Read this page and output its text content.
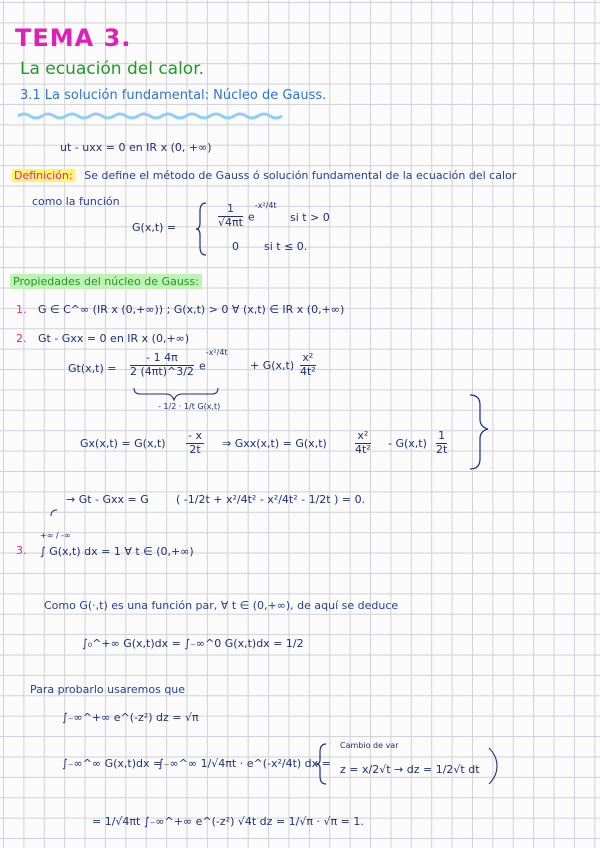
TEMA 3.
La ecuación del calor.
3.1 La solución fundamental: Núcleo de Gauss.
ut - uxx = 0 en IR x (0, +∞)
Definición: Se define el método de Gauss ó solución fundamental de la ecuación del calor
como la función
G(x,t) =	$\frac{1}{√4\pi t} e^{-x^2/4t}$
si t > 0
0 si t ≤ 0.
Propiedades del núcleo de Gauss:
1. G ∈ C^∞ (IR x (0,+∞)) ; G(x,t) > 0 ∀ (x,t) ∈ IR x (0,+∞)
2. Gt - Gxx = 0 en IR x (0,+∞)
$Gt(x,t) = \frac{- 1 4\pi}{2 (4\pi t)\^{}3/2} e^{-x^2/4t}$
+ $G(x,t) \frac{\text{x²}}{\text{4t²}}$
- 1/2 · 1/t G(x,t)
$Gx(x,t) = G(x,t) \frac{- x}{2t}$ ⇒ Gxx(x,t) = G(x,t)	$\frac{\text{x²}}{\text{4t²}} - G(x,t) \frac{1}{2t}$
→ Gt - Gxx = G ( -1/2t + x²/4t² - x²/4t² - 1/2t ) = 0.
3.
+∞ / -∞
∫ G(x,t) dx = 1 ∀ t ∈ (0,+∞)
Como G(·,t) es una función par, ∀ t ∈ (0,+∞), de aquí se deduce
∫₀^+∞ G(x,t)dx = ∫₋∞^0 G(x,t)dx = 1/2
Para probarlo usaremos que
∫₋∞^+∞ e^(-z²) dz = √π
∫₋∞^∞ G(x,t)dx =
∫₋∞^∞ 1/√4πt · e^(-x²/4t) dx =
Cambio de var
z = x/2√t → dz = 1/2√t dt
= 1/√4πt ∫₋∞^+∞ e^(-z²) √4t dz = 1/√π · √π = 1.
